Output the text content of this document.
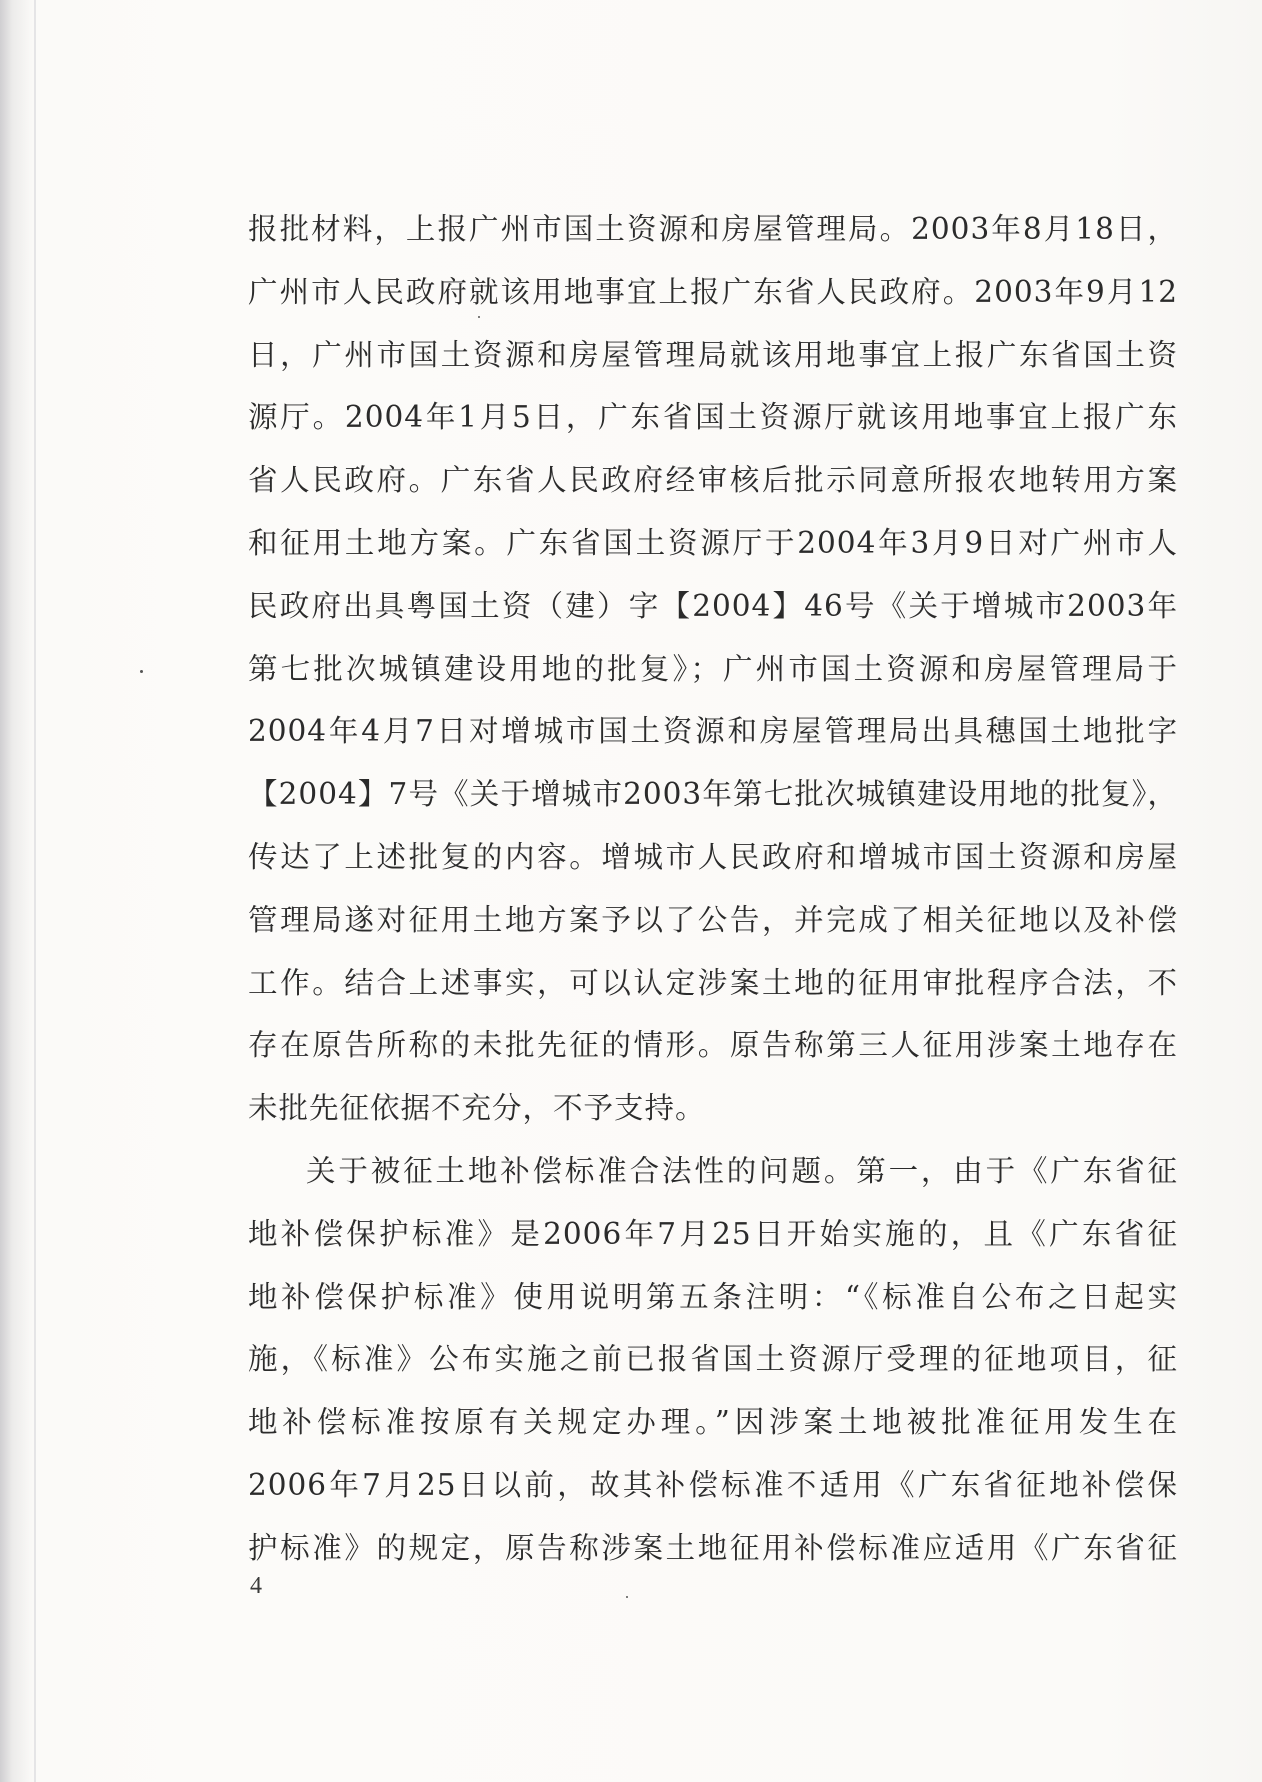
报批材料，上报广州市国土资源和房屋管理局。2003年8月18日，
广州市人民政府就该用地事宜上报广东省人民政府。2003年9月12
日，广州市国土资源和房屋管理局就该用地事宜上报广东省国土资
源厅。2004年1月5日，广东省国土资源厅就该用地事宜上报广东
省人民政府。广东省人民政府经审核后批示同意所报农地转用方案
和征用土地方案。广东省国土资源厅于2004年3月9日对广州市人
民政府出具粤国土资（建）字【2004】46号《关于增城市2003年
第七批次城镇建设用地的批复》；广州市国土资源和房屋管理局于
2004年4月7日对增城市国土资源和房屋管理局出具穗国土地批字
【2004】7号《关于增城市2003年第七批次城镇建设用地的批复》，
传达了上述批复的内容。增城市人民政府和增城市国土资源和房屋
管理局遂对征用土地方案予以了公告，并完成了相关征地以及补偿
工作。结合上述事实，可以认定涉案土地的征用审批程序合法，不
存在原告所称的未批先征的情形。原告称第三人征用涉案土地存在
未批先征依据不充分，不予支持。
关于被征土地补偿标准合法性的问题。第一，由于《广东省征
地补偿保护标准》是2006年7月25日开始实施的，且《广东省征
地补偿保护标准》使用说明第五条注明：“《标准自公布之日起实
施，《标准》公布实施之前已报省国土资源厅受理的征地项目，征
地补偿标准按原有关规定办理。”因涉案土地被批准征用发生在
2006年7月25日以前，故其补偿标准不适用《广东省征地补偿保
护标准》的规定，原告称涉案土地征用补偿标准应适用《广东省征
4
